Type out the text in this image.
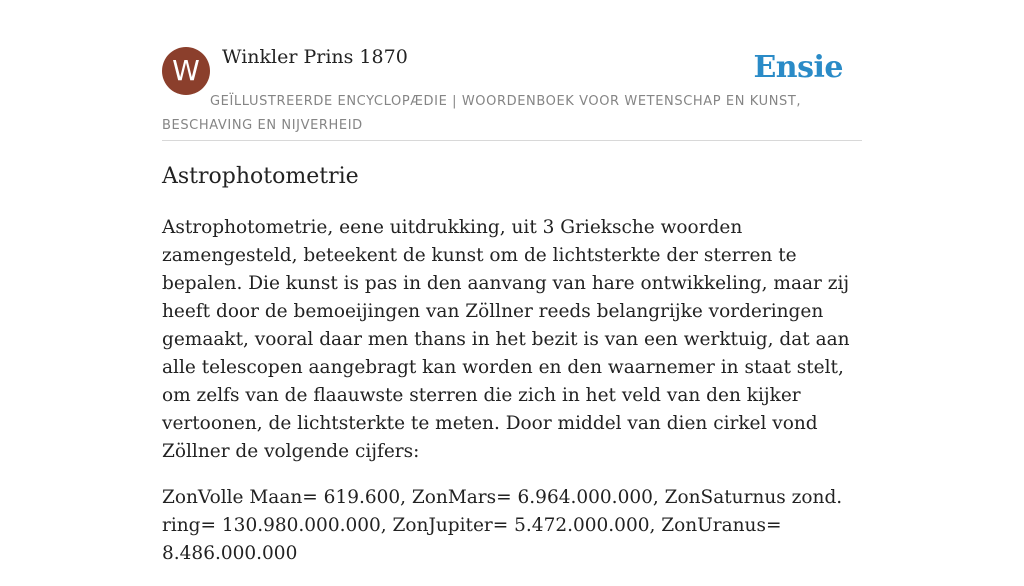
W	Winkler Prins 1870	Ensie
GEÏLLUSTREERDE ENCYCLOPÆDIE | WOORDENBOEK VOOR WETENSCHAP EN KUNST, BESCHAVING EN NIJVERHEID
Astrophotometrie

Astrophotometrie, eene uitdrukking, uit 3 Grieksche woorden zamengesteld, beteekent de kunst om de lichtsterkte der sterren te bepalen. Die kunst is pas in den aanvang van hare ontwikkeling, maar zij heeft door de bemoeijingen van Zöllner reeds belangrijke vorderingen gemaakt, vooral daar men thans in het bezit is van een werktuig, dat aan alle telescopen aangebragt kan worden en den waarnemer in staat stelt, om zelfs van de flaauwste sterren die zich in het veld van den kijker vertoonen, de lichtsterkte te meten. Door middel van dien cirkel vond Zöllner de volgende cijfers:

ZonVolle Maan= 619.600, ZonMars= 6.964.000.000, ZonSaturnus zond. ring= 130.980.000.000, ZonJupiter= 5.472.000.000, ZonUranus= 8.486.000.000
